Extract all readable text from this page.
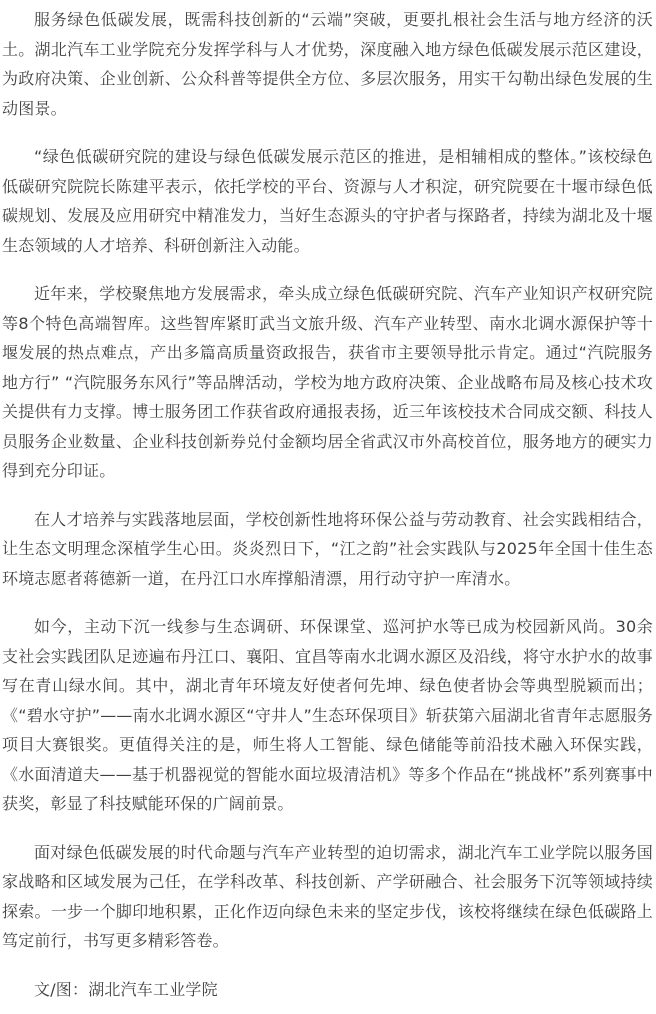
服务绿色低碳发展，既需科技创新的“云端”突破，更要扎根社会生活与地方经济的沃土。湖北汽车工业学院充分发挥学科与人才优势，深度融入地方绿色低碳发展示范区建设，为政府决策、企业创新、公众科普等提供全方位、多层次服务，用实干勾勒出绿色发展的生动图景。

“绿色低碳研究院的建设与绿色低碳发展示范区的推进，是相辅相成的整体。”该校绿色低碳研究院院长陈建平表示，依托学校的平台、资源与人才积淀，研究院要在十堰市绿色低碳规划、发展及应用研究中精准发力，当好生态源头的守护者与探路者，持续为湖北及十堰生态领域的人才培养、科研创新注入动能。

近年来，学校聚焦地方发展需求，牵头成立绿色低碳研究院、汽车产业知识产权研究院等8个特色高端智库。这些智库紧盯武当文旅升级、汽车产业转型、南水北调水源保护等十堰发展的热点难点，产出多篇高质量资政报告，获省市主要领导批示肯定。通过“汽院服务地方行” “汽院服务东风行”等品牌活动，学校为地方政府决策、企业战略布局及核心技术攻关提供有力支撑。博士服务团工作获省政府通报表扬，近三年该校技术合同成交额、科技人员服务企业数量、企业科技创新券兑付金额均居全省武汉市外高校首位，服务地方的硬实力得到充分印证。

在人才培养与实践落地层面，学校创新性地将环保公益与劳动教育、社会实践相结合，让生态文明理念深植学生心田。炎炎烈日下，“江之韵”社会实践队与2025年全国十佳生态环境志愿者蒋德新一道，在丹江口水库撑船清漂，用行动守护一库清水。

如今，主动下沉一线参与生态调研、环保课堂、巡河护水等已成为校园新风尚。30余支社会实践团队足迹遍布丹江口、襄阳、宜昌等南水北调水源区及沿线，将守水护水的故事写在青山绿水间。其中，湖北青年环境友好使者何先坤、绿色使者协会等典型脱颖而出；《“碧水守护”——南水北调水源区“守井人”生态环保项目》斩获第六届湖北省青年志愿服务项目大赛银奖。更值得关注的是，师生将人工智能、绿色储能等前沿技术融入环保实践，《水面清道夫——基于机器视觉的智能水面垃圾清洁机》等多个作品在“挑战杯”系列赛事中获奖，彰显了科技赋能环保的广阔前景。

面对绿色低碳发展的时代命题与汽车产业转型的迫切需求，湖北汽车工业学院以服务国家战略和区域发展为己任，在学科改革、科技创新、产学研融合、社会服务下沉等领域持续探索。一步一个脚印地积累，正化作迈向绿色未来的坚定步伐，该校将继续在绿色低碳路上笃定前行，书写更多精彩答卷。

文/图：湖北汽车工业学院
